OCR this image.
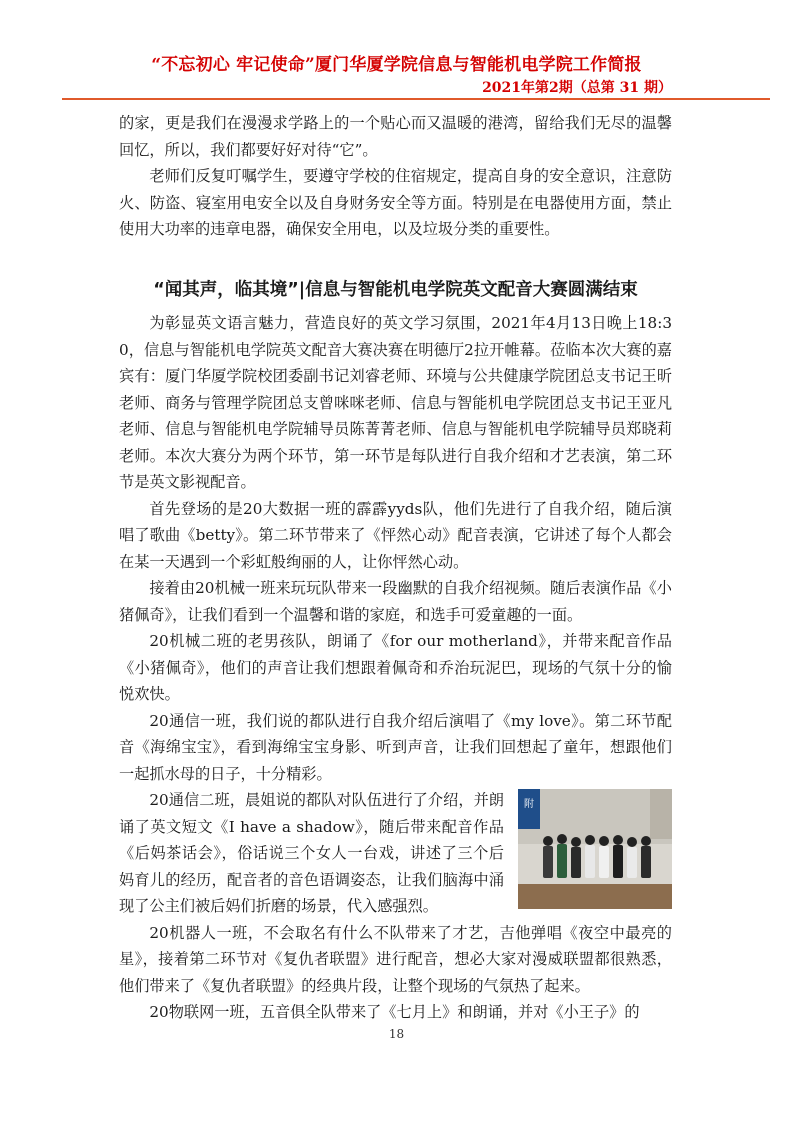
“不忘初心 牢记使命”厦门华厦学院信息与智能机电学院工作简报
2021年第2期（总第 31 期）

的家，更是我们在漫漫求学路上的一个贴心而又温暖的港湾，留给我们无尽的温馨回忆，所以，我们都要好好对待“它”。

老师们反复叮嘱学生，要遵守学校的住宿规定，提高自身的安全意识，注意防火、防盗、寝室用电安全以及自身财务安全等方面。特别是在电器使用方面，禁止使用大功率的违章电器，确保安全用电，以及垃圾分类的重要性。

“闻其声，临其境”|信息与智能机电学院英文配音大赛圆满结束

为彰显英文语言魅力，营造良好的英文学习氛围，2021年4月13日晚上18:30，信息与智能机电学院英文配音大赛决赛在明德厅2拉开帷幕。莅临本次大赛的嘉宾有：厦门华厦学院校团委副书记刘睿老师、环境与公共健康学院团总支书记王昕老师、商务与管理学院团总支曾咪咪老师、信息与智能机电学院团总支书记王亚凡老师、信息与智能机电学院辅导员陈菁菁老师、信息与智能机电学院辅导员郑晓莉老师。本次大赛分为两个环节，第一环节是每队进行自我介绍和才艺表演，第二环节是英文影视配音。

首先登场的是20大数据一班的霹霹yyds队，他们先进行了自我介绍，随后演唱了歌曲《betty》。第二环节带来了《怦然心动》配音表演，它讲述了每个人都会在某一天遇到一个彩虹般绚丽的人，让你怦然心动。

接着由20机械一班来玩玩队带来一段幽默的自我介绍视频。随后表演作品《小猪佩奇》，让我们看到一个温馨和谐的家庭，和选手可爱童趣的一面。

20机械二班的老男孩队，朗诵了《for our motherland》，并带来配音作品《小猪佩奇》，他们的声音让我们想跟着佩奇和乔治玩泥巴，现场的气氛十分的愉悦欢快。

20通信一班，我们说的都队进行自我介绍后演唱了《my love》。第二环节配音《海绵宝宝》，看到海绵宝宝身影、听到声音，让我们回想起了童年，想跟他们一起抓水母的日子，十分精彩。

附

20通信二班，晨姐说的都队对队伍进行了介绍，并朗诵了英文短文《I have a shadow》，随后带来配音作品《后妈茶话会》，俗话说三个女人一台戏，讲述了三个后妈育儿的经历，配音者的音色语调姿态，让我们脑海中涌现了公主们被后妈们折磨的场景，代入感强烈。

20机器人一班，不会取名有什么不队带来了才艺，吉他弹唱《夜空中最亮的星》，接着第二环节对《复仇者联盟》进行配音，想必大家对漫威联盟都很熟悉，他们带来了《复仇者联盟》的经典片段，让整个现场的气氛热了起来。

20物联网一班，五音俱全队带来了《七月上》和朗诵，并对《小王子》的

18
